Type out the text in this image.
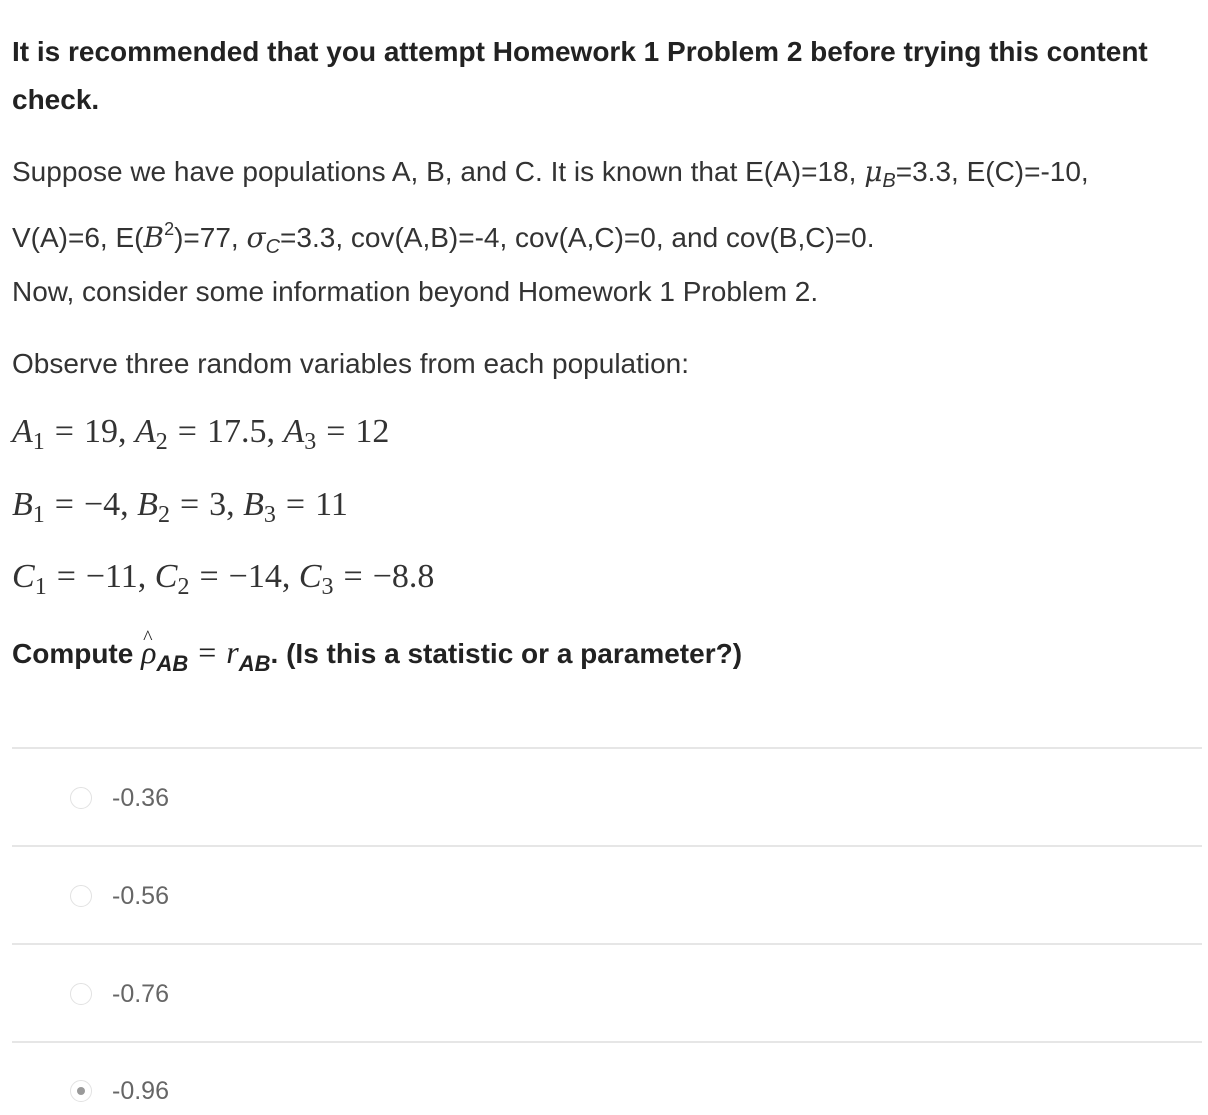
It is recommended that you attempt Homework 1 Problem 2 before trying this content check.
Suppose we have populations A, B, and C. It is known that E(A)=18, $\mu_B=3.3$, E(C)=-10,
V(A)=6, $E(B^2)=77$, $\sigma_C=3.3$, cov(A,B)=-4, cov(A,C)=0, and cov(B,C)=0.
Now, consider some information beyond Homework 1 Problem 2.
Observe three random variables from each population:
$A_1 = 19$, $A_2 = 17.5$, $A_3 = 12$
$B_1 = -4$, $B_2 = 3$, $B_3 = 11$
$C_1 = -11$, $C_2 = -14$, $C_3 = -8.8$
Compute ^ $\rho_{AB} = r_{AB}$. (Is this a statistic or a parameter?)
-0.36
-0.56
-0.76
-0.96
